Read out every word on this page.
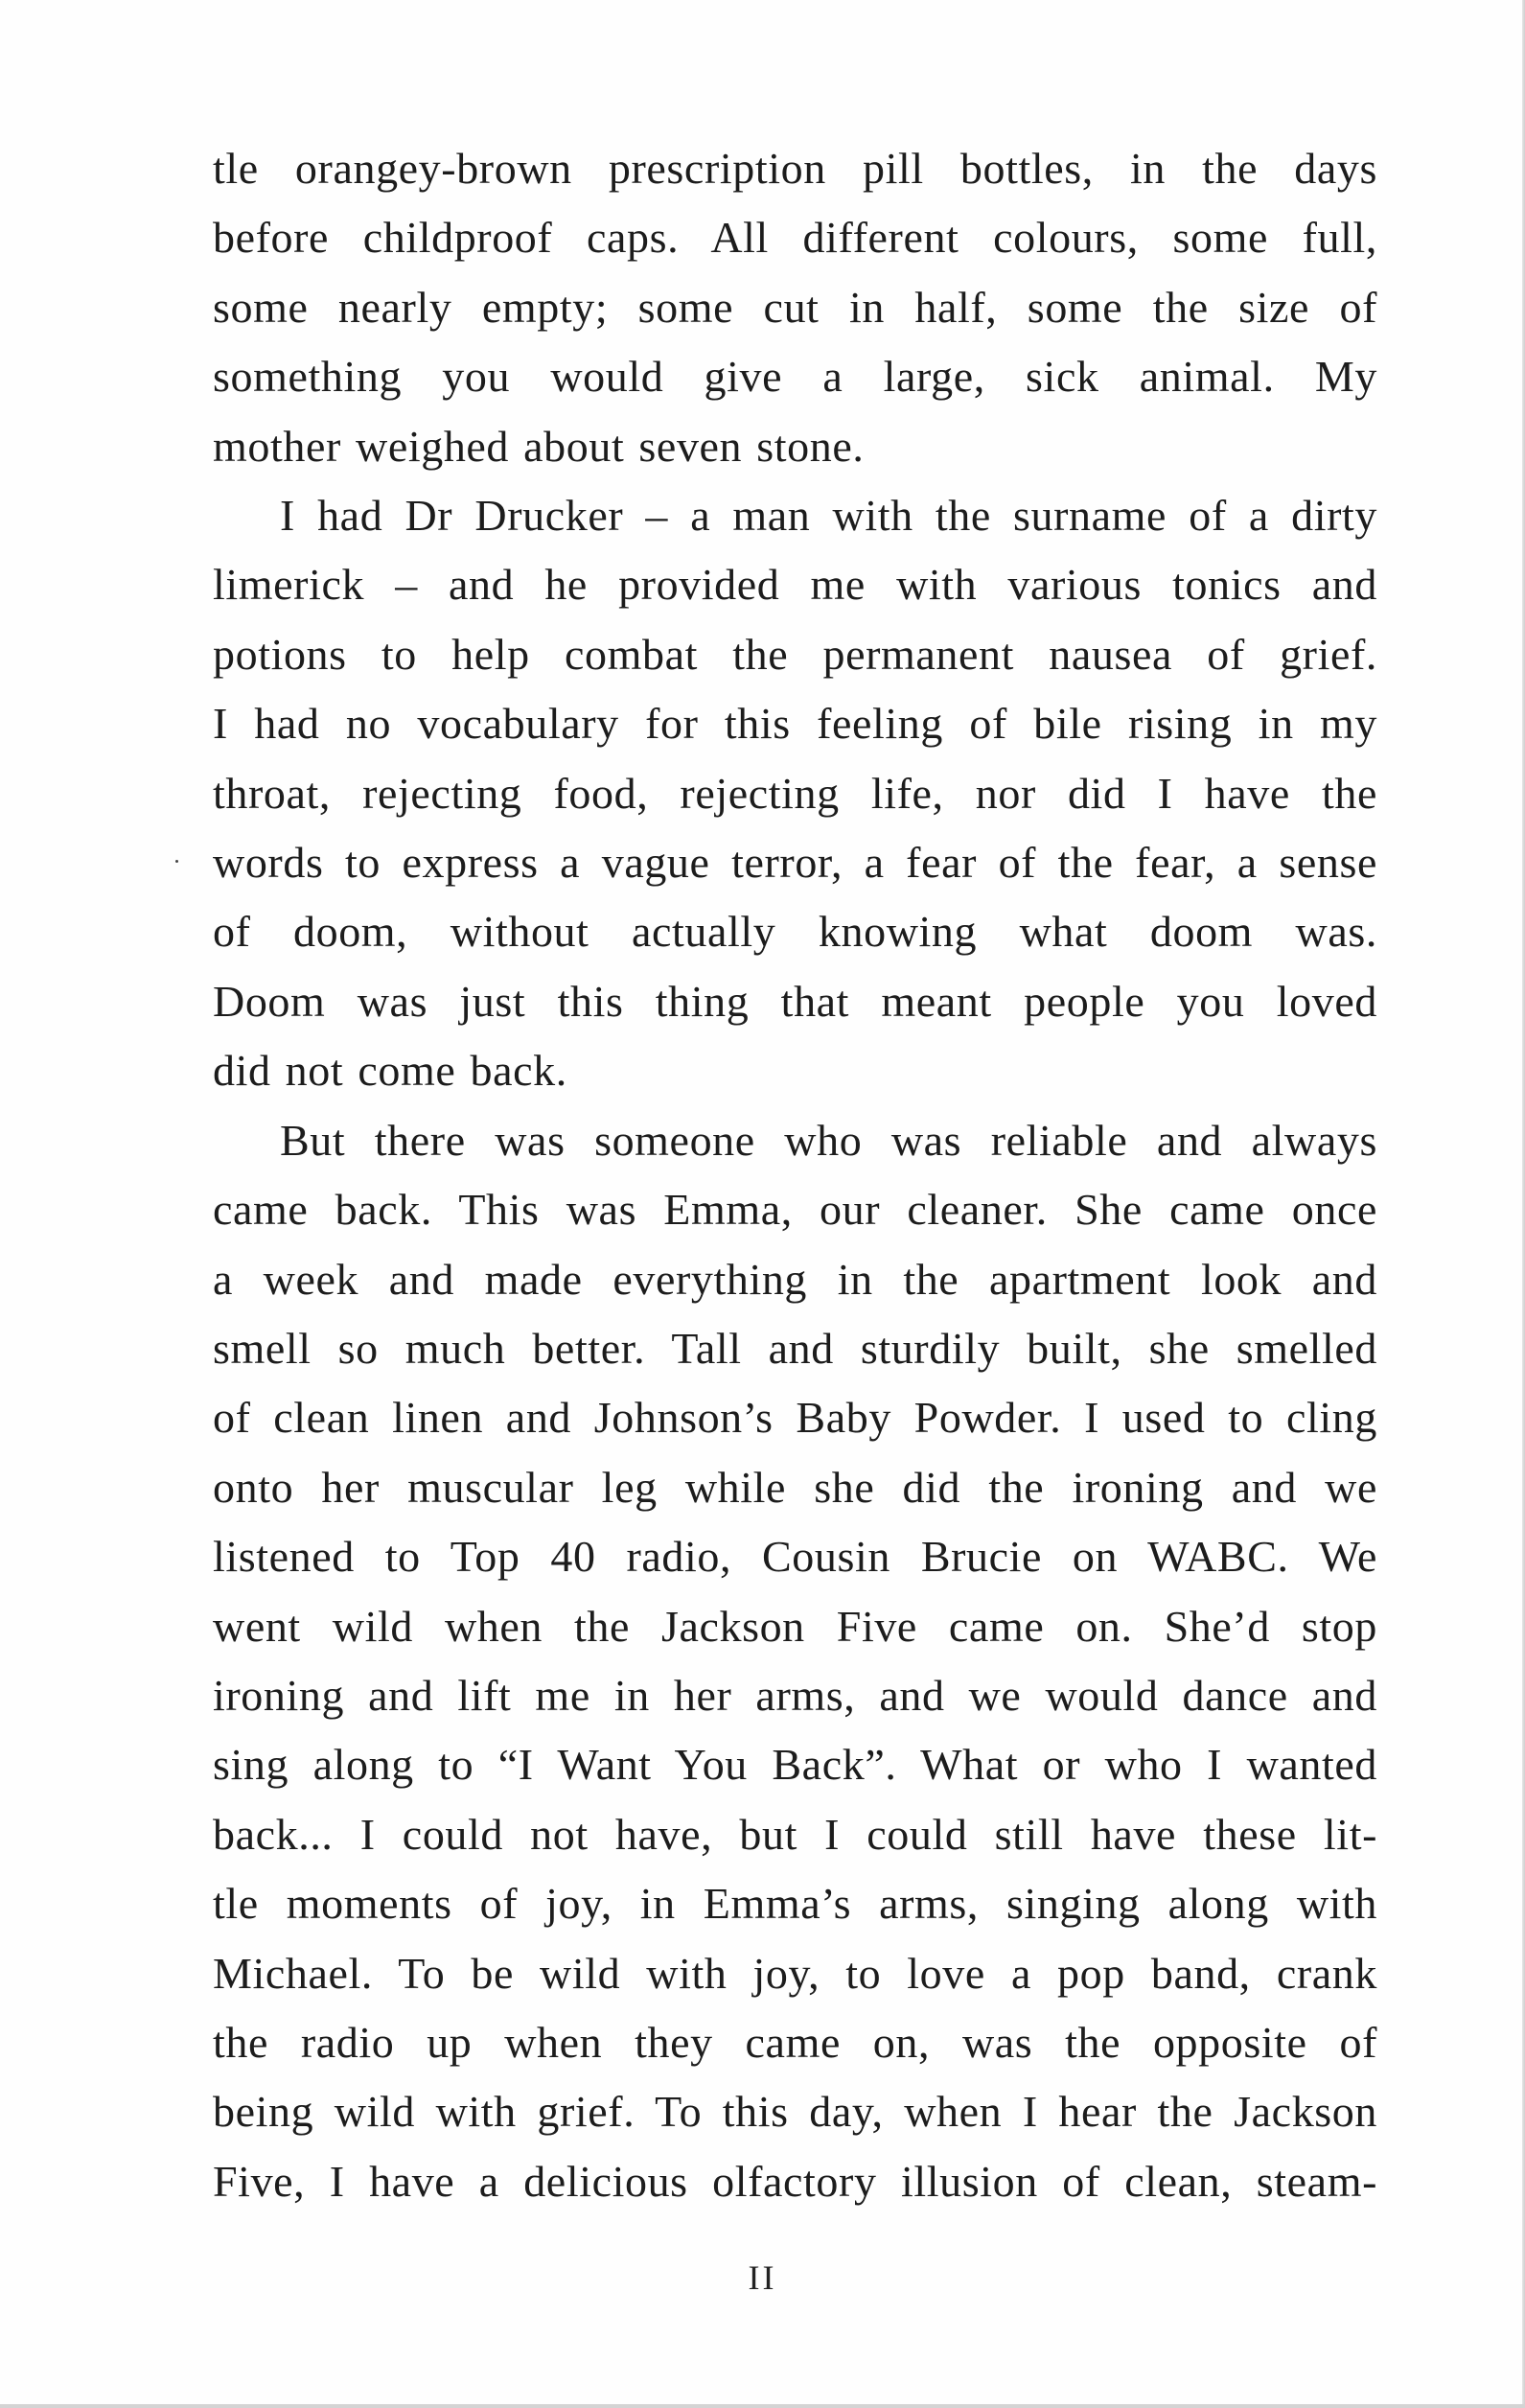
tle orangey-brown prescription pill bottles, in the days
before childproof caps. All different colours, some full,
some nearly empty; some cut in half, some the size of
something you would give a large, sick animal. My
mother weighed about seven stone.
I had Dr Drucker – a man with the surname of a dirty
limerick – and he provided me with various tonics and
potions to help combat the permanent nausea of grief.
I had no vocabulary for this feeling of bile rising in my
throat, rejecting food, rejecting life, nor did I have the
words to express a vague terror, a fear of the fear, a sense
of doom, without actually knowing what doom was.
Doom was just this thing that meant people you loved
did not come back.
But there was someone who was reliable and always
came back. This was Emma, our cleaner. She came once
a week and made everything in the apartment look and
smell so much better. Tall and sturdily built, she smelled
of clean linen and Johnson’s Baby Powder. I used to cling
onto her muscular leg while she did the ironing and we
listened to Top 40 radio, Cousin Brucie on WABC. We
went wild when the Jackson Five came on. She’d stop
ironing and lift me in her arms, and we would dance and
sing along to “I Want You Back”. What or who I wanted
back... I could not have, but I could still have these lit-
tle moments of joy, in Emma’s arms, singing along with
Michael. To be wild with joy, to love a pop band, crank
the radio up when they came on, was the opposite of
being wild with grief. To this day, when I hear the Jackson
Five, I have a delicious olfactory illusion of clean, steam-
II
